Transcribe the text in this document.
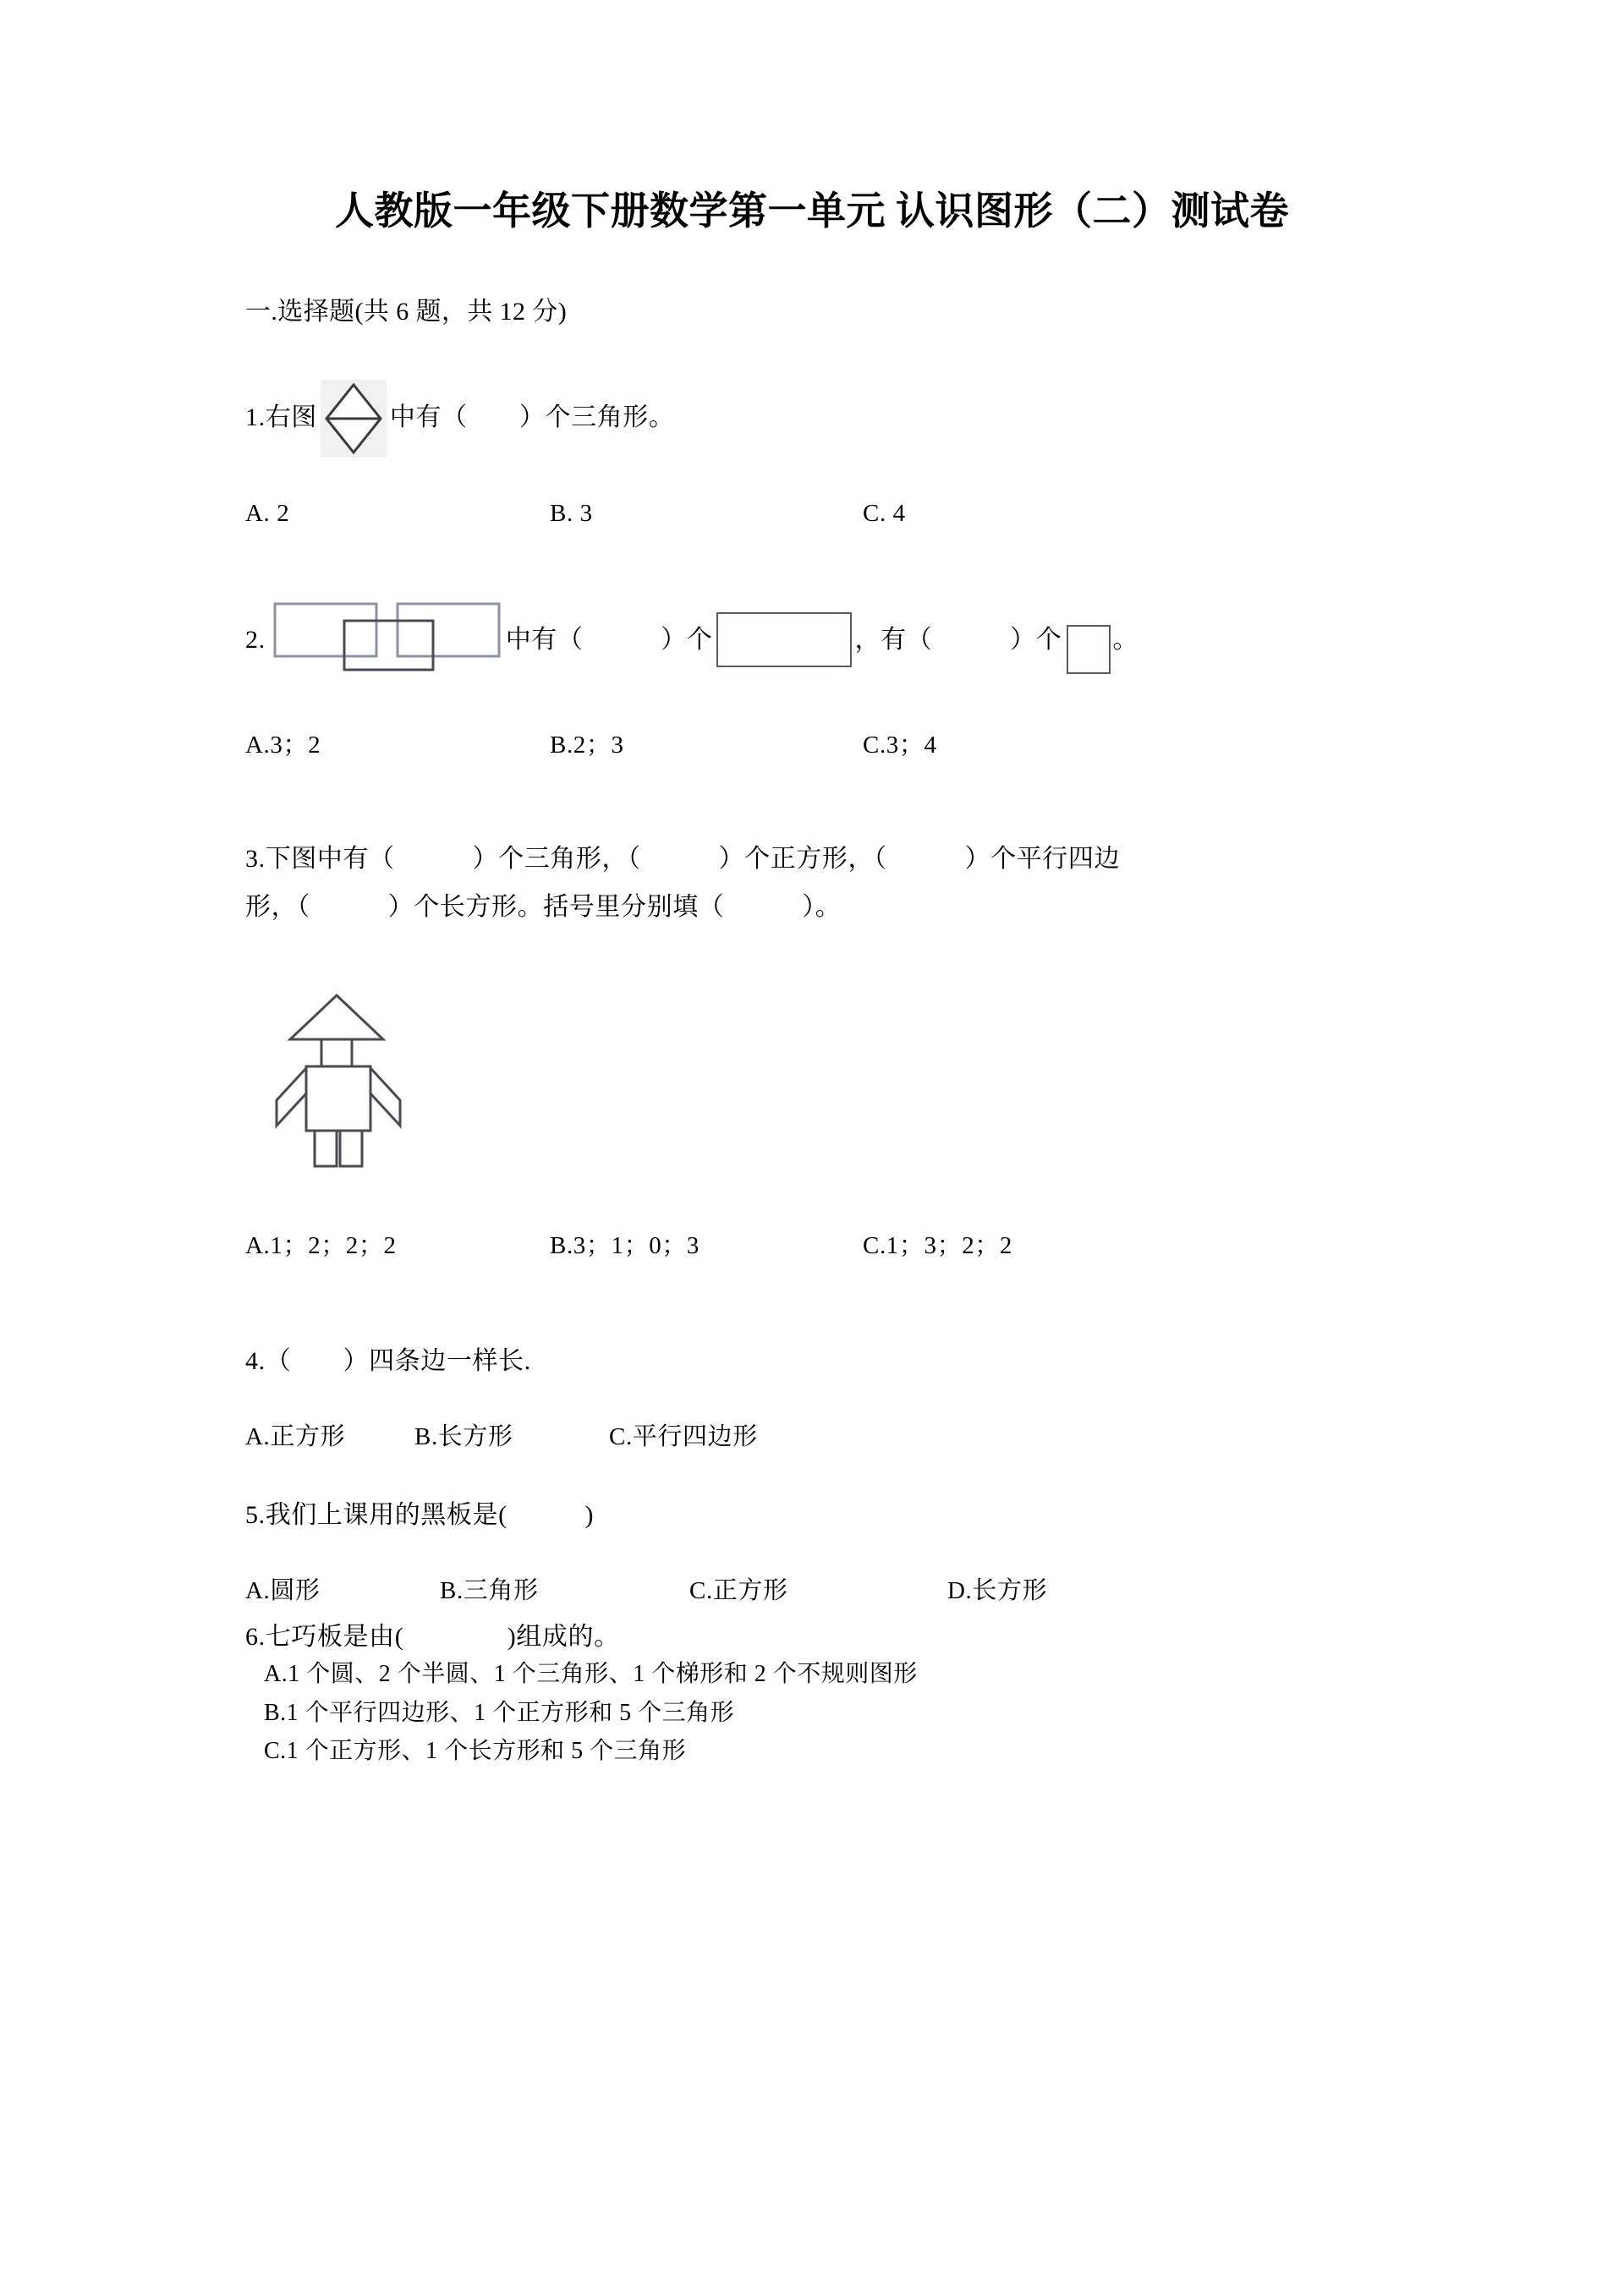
人教版一年级下册数学第一单元 认识图形（二）测试卷
一.选择题(共 6 题，共 12 分)
1.右图	中有（　　）个三角形。
A. 2	B. 3	C. 4
2.	中有（　　　）个	，有（　　　）个 。
A.3；2	B.2；3	C.3；4
3.下图中有（　　　）个三角形，（　　　）个正方形，（　　　）个平行四边
形，（　　　）个长方形。括号里分别填（　　　）。
A.1；2；2；2	B.3；1；0；3	C.1；3；2；2
4.（　　）四条边一样长.
A.正方形	B.长方形	C.平行四边形
5.我们上课用的黑板是(　　　)
A.圆形	B.三角形	C.正方形	D.长方形
6.七巧板是由(　　　　)组成的。
A.1 个圆、2 个半圆、1 个三角形、1 个梯形和 2 个不规则图形
B.1 个平行四边形、1 个正方形和 5 个三角形
C.1 个正方形、1 个长方形和 5 个三角形
